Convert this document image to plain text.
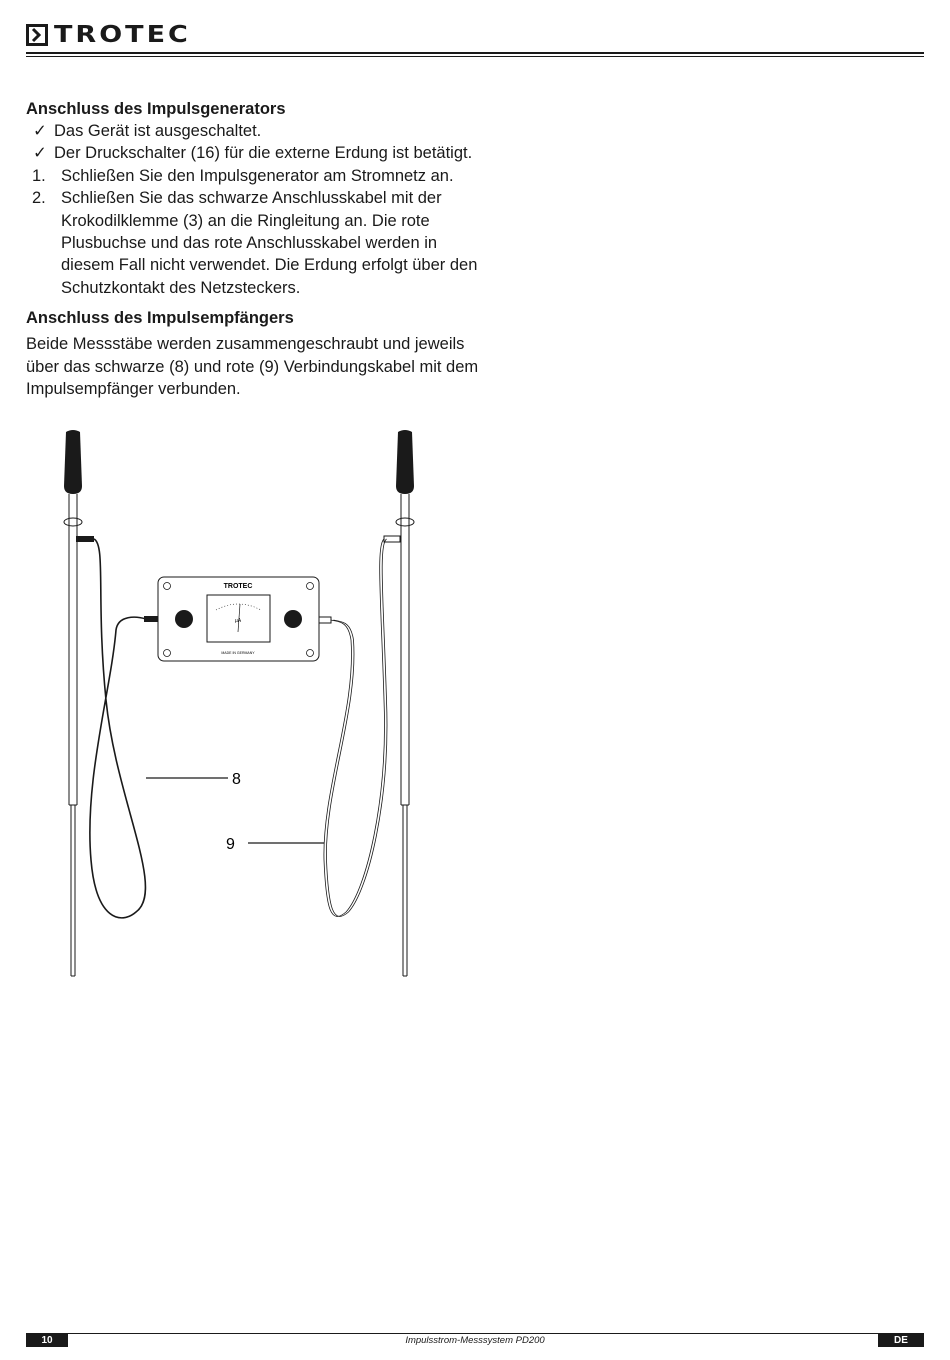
TROTEC
Anschluss des Impulsgenerators
✓ Das Gerät ist ausgeschaltet.
✓ Der Druckschalter (16) für die externe Erdung ist betätigt.
1. Schließen Sie den Impulsgenerator am Stromnetz an.
2. Schließen Sie das schwarze Anschlusskabel mit der Krokodilklemme (3) an die Ringleitung an. Die rote Plusbuchse und das rote Anschlusskabel werden in diesem Fall nicht verwendet. Die Erdung erfolgt über den Schutzkontakt des Netzsteckers.
Anschluss des Impulsempfängers

Beide Messstäbe werden zusammengeschraubt und jeweils über das schwarze (8) und rote (9) Verbindungskabel mit dem Impulsempfänger verbunden.

TROTEC
μA
MADE IN GERMANY
8
9
10	Impulsstrom-Messsystem PD200	DE
